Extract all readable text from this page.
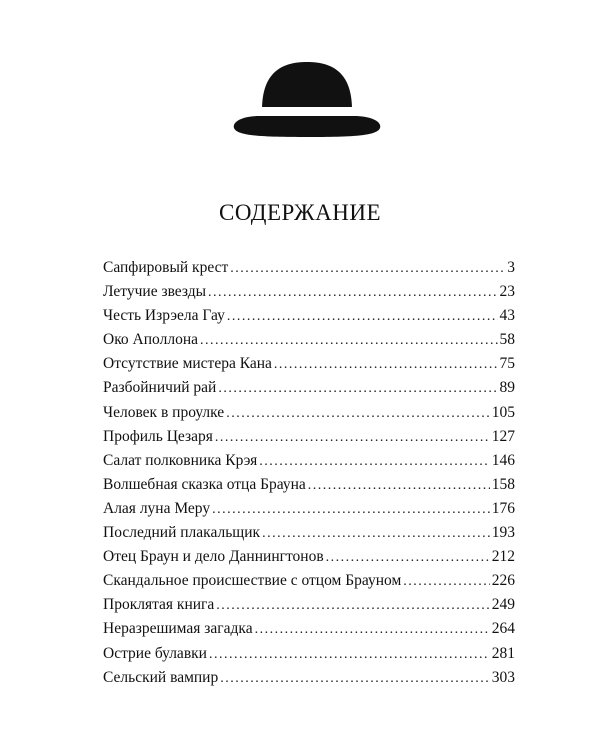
СОДЕРЖАНИЕ
Сапфировый крест . . .	3
Летучие звезды . . .	23
Честь Изрэела Гау . . .	43
Око Аполлона . . .	58
Отсутствие мистера Кана . . .	75
Разбойничий рай . . .	89
Человек в проулке . . .	105
Профиль Цезаря . . .	127
Салат полковника Крэя . . .	146
Волшебная сказка отца Брауна . . .	158
Алая луна Меру . . .	176
Последний плакальщик . . .	193
Отец Браун и дело Даннингтонов . . .	212
Скандальное происшествие с отцом Брауном . . .	226
Проклятая книга . . .	249
Неразрешимая загадка . . .	264
Острие булавки . . .	281
Сельский вампир . . .	303
